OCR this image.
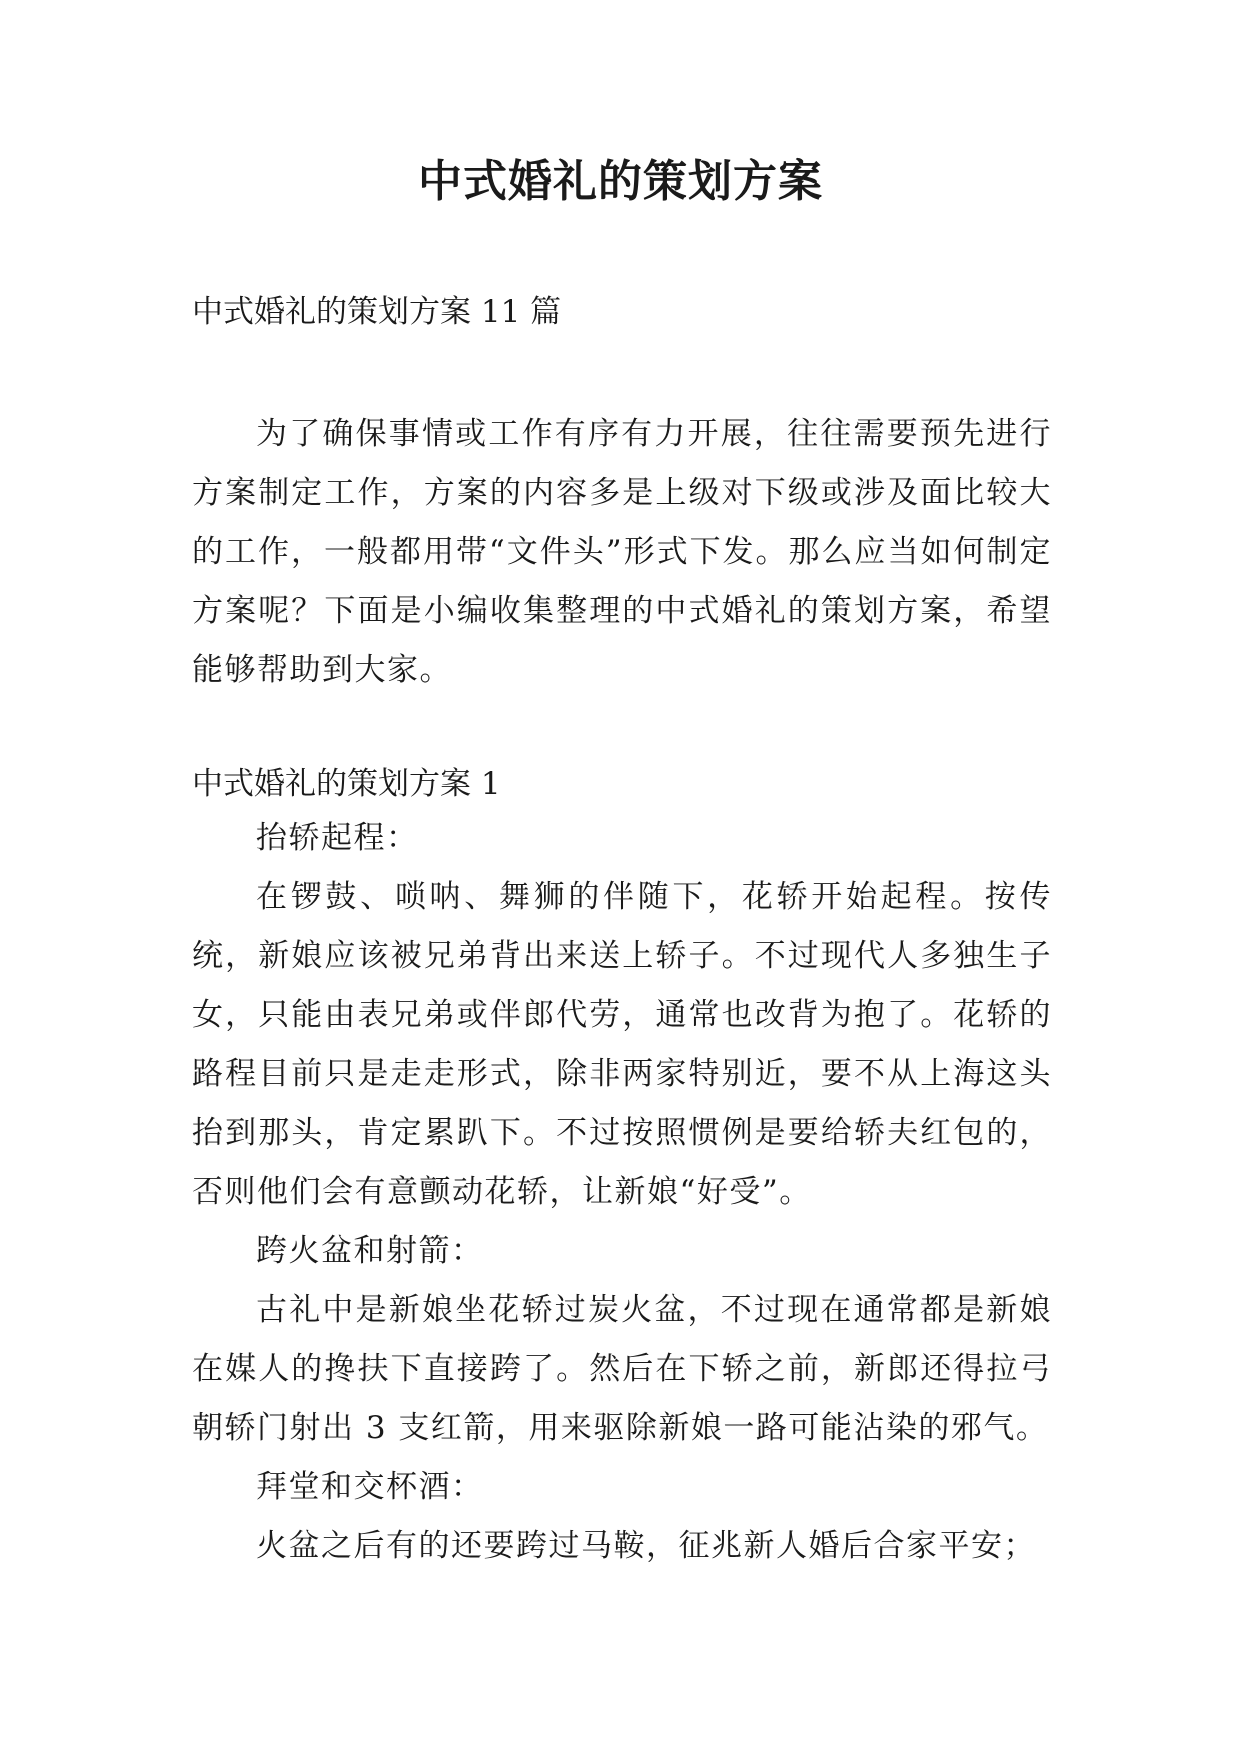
中式婚礼的策划方案

中式婚礼的策划方案 11 篇

为了确保事情或工作有序有力开展，往往需要预先进行方案制定工作，方案的内容多是上级对下级或涉及面比较大的工作，一般都用带“文件头”形式下发。那么应当如何制定方案呢？下面是小编收集整理的中式婚礼的策划方案，希望能够帮助到大家。

中式婚礼的策划方案 1

抬轿起程：

在锣鼓、唢呐、舞狮的伴随下，花轿开始起程。按传统，新娘应该被兄弟背出来送上轿子。不过现代人多独生子女，只能由表兄弟或伴郎代劳，通常也改背为抱了。花轿的路程目前只是走走形式，除非两家特别近，要不从上海这头抬到那头，肯定累趴下。不过按照惯例是要给轿夫红包的，否则他们会有意颤动花轿，让新娘“好受”。

跨火盆和射箭：

古礼中是新娘坐花轿过炭火盆，不过现在通常都是新娘在媒人的搀扶下直接跨了。然后在下轿之前，新郎还得拉弓朝轿门射出 3 支红箭，用来驱除新娘一路可能沾染的邪气。

拜堂和交杯酒：

火盆之后有的还要跨过马鞍，征兆新人婚后合家平安；
